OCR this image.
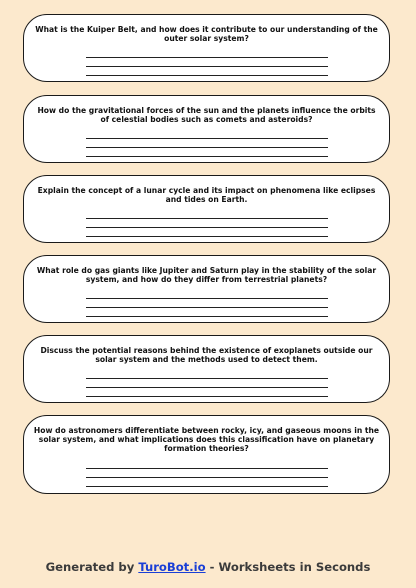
What is the Kuiper Belt, and how does it contribute to our understanding of the outer solar system?

How do the gravitational forces of the sun and the planets influence the orbits of celestial bodies such as comets and asteroids?

Explain the concept of a lunar cycle and its impact on phenomena like eclipses and tides on Earth.

What role do gas giants like Jupiter and Saturn play in the stability of the solar system, and how do they differ from terrestrial planets?

Discuss the potential reasons behind the existence of exoplanets outside our solar system and the methods used to detect them.

How do astronomers differentiate between rocky, icy, and gaseous moons in the solar system, and what implications does this classification have on planetary formation theories?

Generated by TuroBot.io - Worksheets in Seconds
